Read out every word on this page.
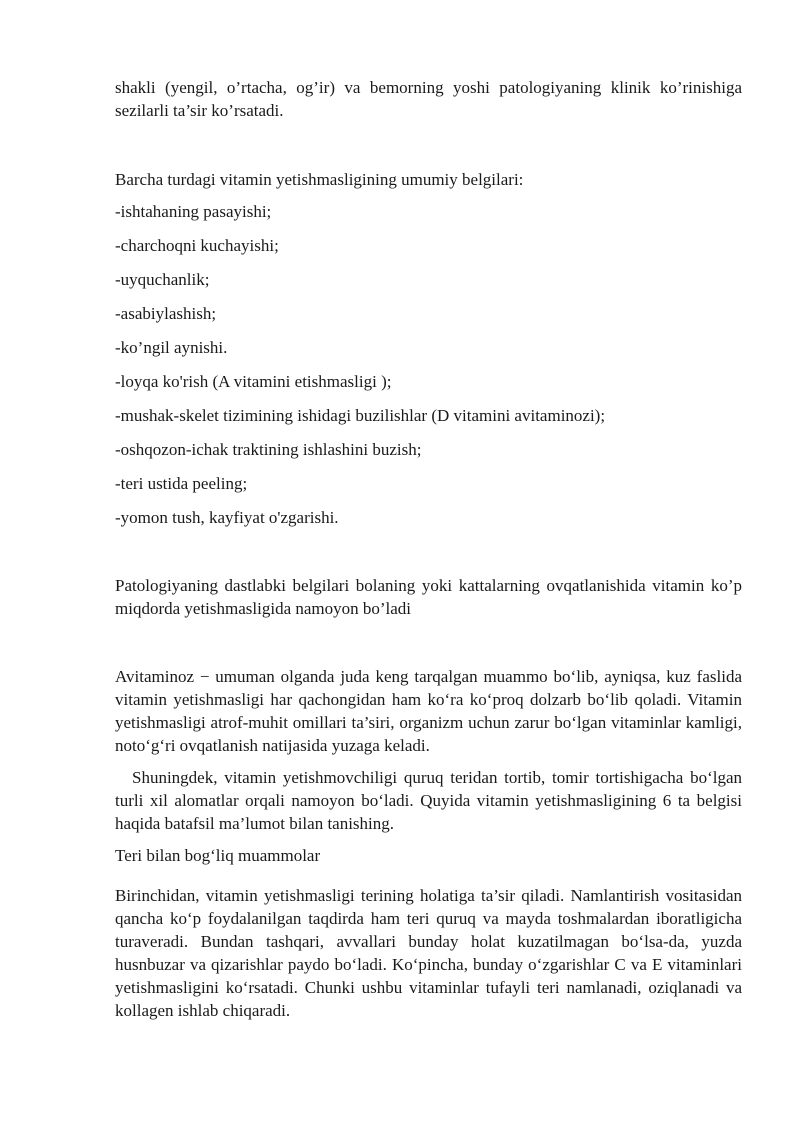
shakli (yengil, o’rtacha, og’ir) va bemorning yoshi patologiyaning klinik ko’rinishiga sezilarli ta’sir ko’rsatadi.

Barcha turdagi vitamin yetishmasligining umumiy belgilari:

-ishtahaning pasayishi;
-charchoqni kuchayishi;
-uyquchanlik;
-asabiylashish;
-ko’ngil aynishi.
-loyqa ko'rish (A vitamini etishmasligi );
-mushak-skelet tizimining ishidagi buzilishlar (D vitamini avitaminozi);
-oshqozon-ichak traktining ishlashini buzish;
-teri ustida peeling;
-yomon tush, kayfiyat o'zgarishi.

Patologiyaning dastlabki belgilari bolaning yoki kattalarning ovqatlanishida vitamin ko’p miqdorda yetishmasligida namoyon bo’ladi

Avitaminoz − umuman olganda juda keng tarqalgan muammo bo‘lib, ayniqsa, kuz faslida vitamin yetishmasligi har qachongidan ham ko‘ra ko‘proq dolzarb bo‘lib qoladi. Vitamin yetishmasligi atrof-muhit omillari ta’siri, organizm uchun zarur bo‘lgan vitaminlar kamligi, noto‘g‘ri ovqatlanish natijasida yuzaga keladi.

Shuningdek, vitamin yetishmovchiligi quruq teridan tortib, tomir tortishigacha bo‘lgan turli xil alomatlar orqali namoyon bo‘ladi. Quyida vitamin yetishmasligining 6 ta belgisi haqida batafsil ma’lumot bilan tanishing.

Teri bilan bog‘liq muammolar

Birinchidan, vitamin yetishmasligi terining holatiga ta’sir qiladi. Namlantirish vositasidan qancha ko‘p foydalanilgan taqdirda ham teri quruq va mayda toshmalardan iboratligicha turaveradi. Bundan tashqari, avvallari bunday holat kuzatilmagan bo‘lsa-da, yuzda husnbuzar va qizarishlar paydo bo‘ladi. Ko‘pincha, bunday o‘zgarishlar C va E vitaminlari yetishmasligini ko‘rsatadi. Chunki ushbu vitaminlar tufayli teri namlanadi, oziqlanadi va kollagen ishlab chiqaradi.
